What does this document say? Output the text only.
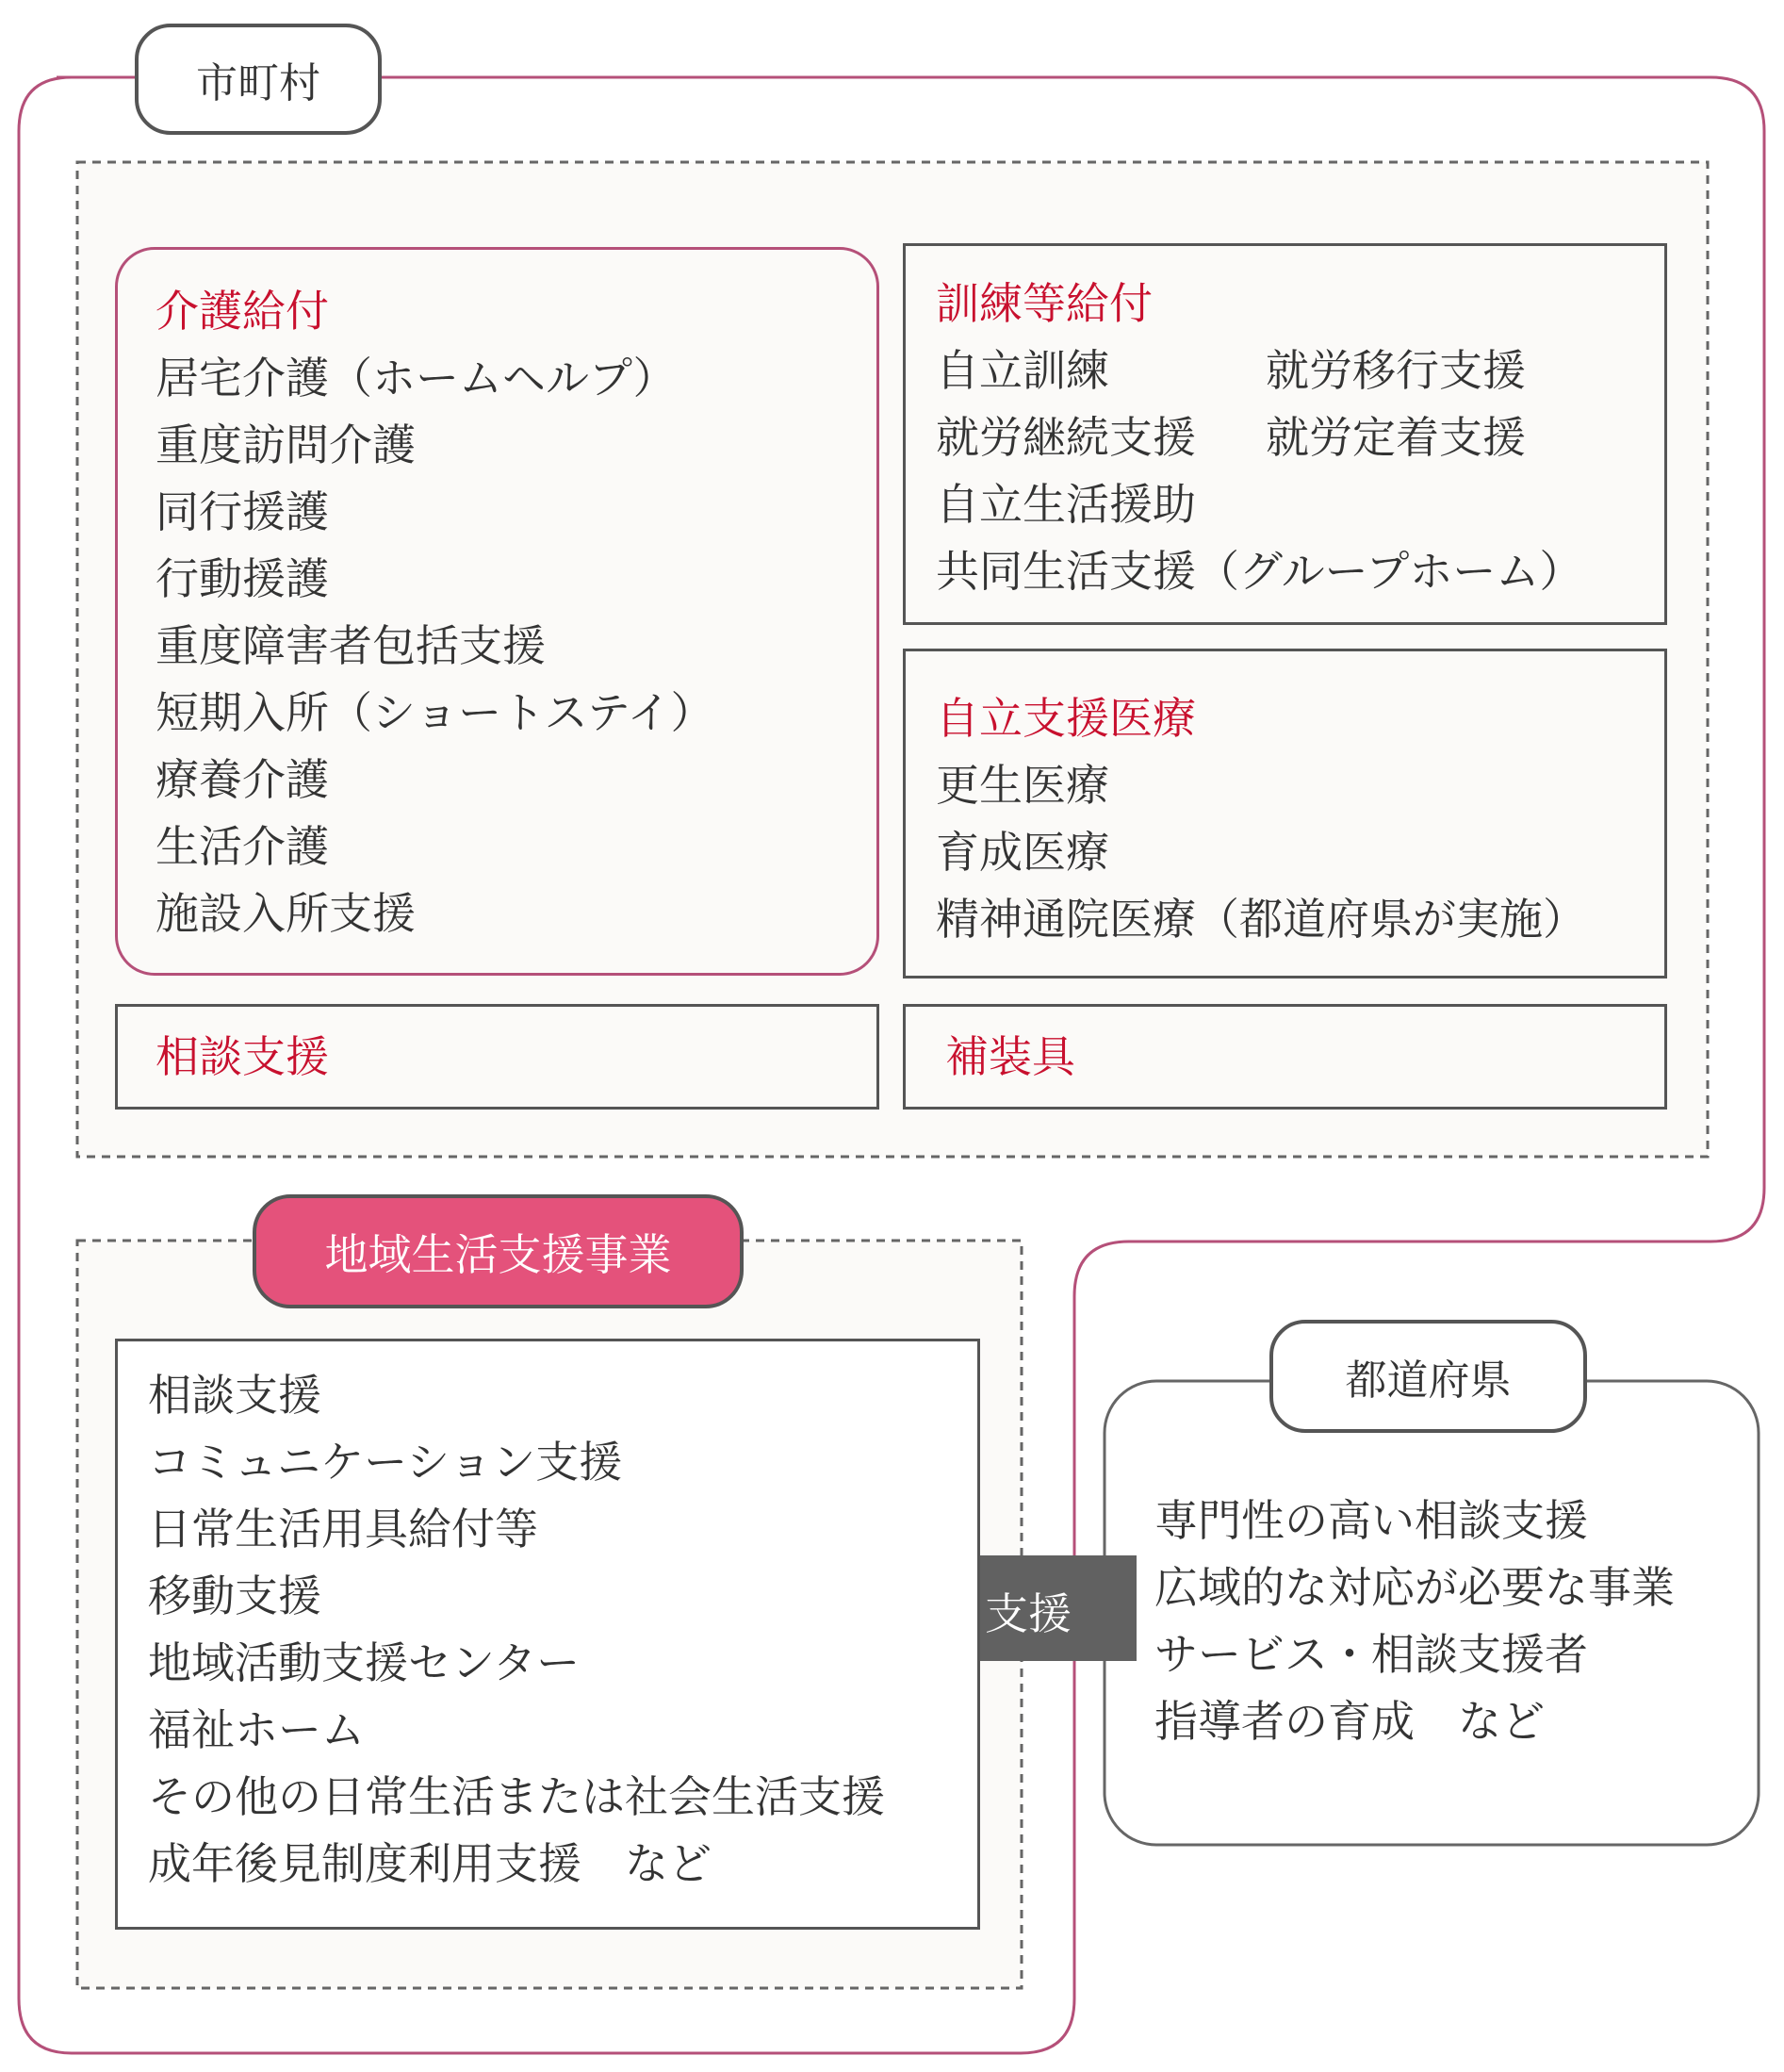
市町村

介護給付

居宅介護（ホームヘルプ）

重度訪問介護

同行援護

行動援護

重度障害者包括支援

短期入所（ショートステイ）

療養介護

生活介護

施設入所支援

訓練等給付

自立訓練	就労移行支援

就労継続支援	就労定着支援

自立生活援助

共同生活支援（グループホーム）

自立支援医療

更生医療

育成医療

精神通院医療（都道府県が実施）

相談支援	補装具

地域生活支援事業

相談支援

コミュニケーション支援

日常生活用具給付等

移動支援

地域活動支援センター

福祉ホーム

その他の日常生活または社会生活支援

成年後見制度利用支援　など

支援
都道府県

専門性の高い相談支援

広域的な対応が必要な事業

サービス・相談支援者

指導者の育成　など
